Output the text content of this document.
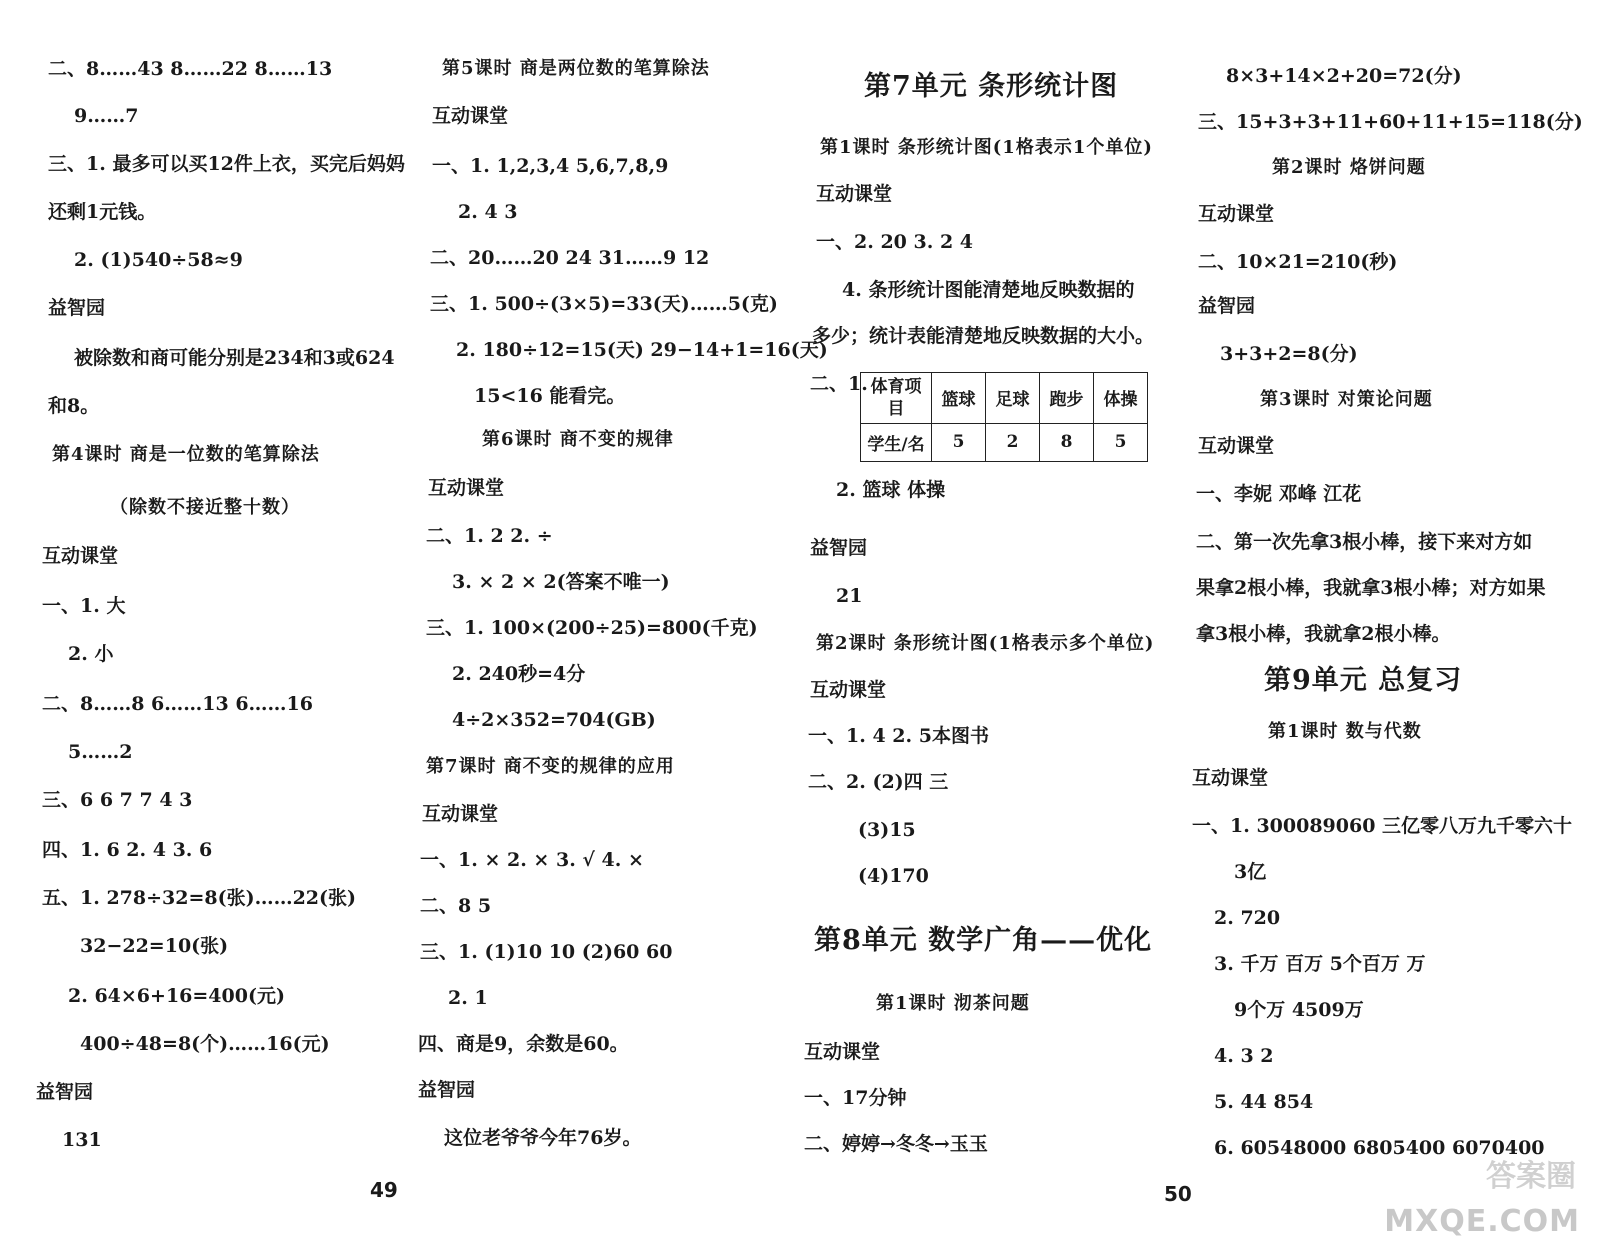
二、8……43 8……22 8……13
9……7
三、1. 最多可以买12件上衣，买完后妈妈
还剩1元钱。
2. (1)540÷58≈9
益智园
被除数和商可能分别是234和3或624
和8。
第4课时 商是一位数的笔算除法
（除数不接近整十数）
互动课堂
一、1. 大
2. 小
二、8……8 6……13 6……16
5……2
三、6 6 7 7 4 3
四、1. 6 2. 4 3. 6
五、1. 278÷32=8(张)……22(张)
32−22=10(张)
2. 64×6+16=400(元)
400÷48=8(个)……16(元)
益智园
131
49
第5课时 商是两位数的笔算除法
互动课堂
一、1. 1,2,3,4 5,6,7,8,9
2. 4 3
二、20……20 24 31……9 12
三、1. 500÷(3×5)=33(天)……5(克)
2. 180÷12=15(天) 29−14+1=16(天)
15<16 能看完。
第6课时 商不变的规律
互动课堂
二、1. 2 2. ÷
3. × 2 × 2(答案不唯一)
三、1. 100×(200÷25)=800(千克)
2. 240秒=4分
4÷2×352=704(GB)
第7课时 商不变的规律的应用
互动课堂
一、1. × 2. × 3. √ 4. ×
二、8 5
三、1. (1)10 10 (2)60 60
2. 1
四、商是9，余数是60。
益智园
这位老爷爷今年76岁。
第7单元 条形统计图
第1课时 条形统计图(1格表示1个单位)
互动课堂
一、2. 20 3. 2 4
4. 条形统计图能清楚地反映数据的
多少；统计表能清楚地反映数据的大小。
二、1. 体育项目	篮球	足球	跑步	体操
学生/名	5	2	8	5
2. 篮球 体操
益智园
21
第2课时 条形统计图(1格表示多个单位)
互动课堂
一、1. 4 2. 5本图书
二、2. (2)四 三
(3)15
(4)170
第8单元 数学广角——优化
第1课时 沏茶问题
互动课堂
一、17分钟
二、婷婷→冬冬→玉玉
8×3+14×2+20=72(分)
三、15+3+3+11+60+11+15=118(分)
第2课时 烙饼问题
互动课堂
二、10×21=210(秒)
益智园
3+3+2=8(分)
第3课时 对策论问题
互动课堂
一、李妮 邓峰 江花
二、第一次先拿3根小棒，接下来对方如
果拿2根小棒，我就拿3根小棒；对方如果
拿3根小棒，我就拿2根小棒。
第9单元 总复习
第1课时 数与代数
互动课堂
一、1. 300089060 三亿零八万九千零六十
3亿
2. 720
3. 千万 百万 5个百万 万
9个万 4509万
4. 3 2
5. 44 854
6. 60548000 6805400 6070400
50	答案圈
MXQE.COM
